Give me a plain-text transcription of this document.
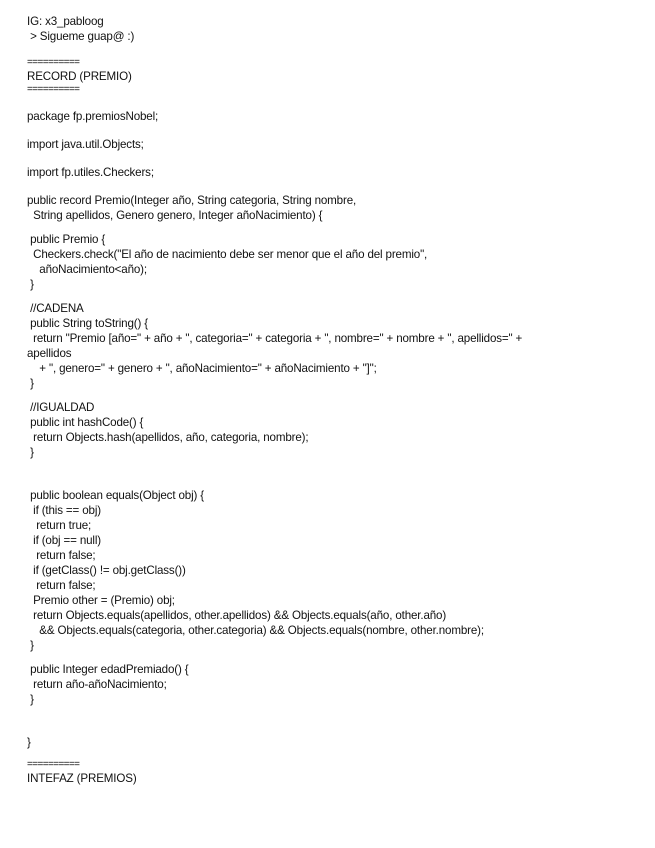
IG: x3_pabloog
> Sigueme guap@ :)
==========
RECORD (PREMIO)
==========
package fp.premiosNobel;
import java.util.Objects;
import fp.utiles.Checkers;
public record Premio(Integer año, String categoria, String nombre,
String apellidos, Genero genero, Integer añoNacimiento) {
public Premio {
Checkers.check("El año de nacimiento debe ser menor que el año del premio",
añoNacimiento<año);
}
//CADENA
public String toString() {
return "Premio [año=" + año + ", categoria=" + categoria + ", nombre=" + nombre + ", apellidos=" +
apellidos
+ ", genero=" + genero + ", añoNacimiento=" + añoNacimiento + "]";
}
//IGUALDAD
public int hashCode() {
return Objects.hash(apellidos, año, categoria, nombre);
}
public boolean equals(Object obj) {
if (this == obj)
return true;
if (obj == null)
return false;
if (getClass() != obj.getClass())
return false;
Premio other = (Premio) obj;
return Objects.equals(apellidos, other.apellidos) && Objects.equals(año, other.año)
&& Objects.equals(categoria, other.categoria) && Objects.equals(nombre, other.nombre);
}
public Integer edadPremiado() {
return año-añoNacimiento;
}
}
==========
INTEFAZ (PREMIOS)
